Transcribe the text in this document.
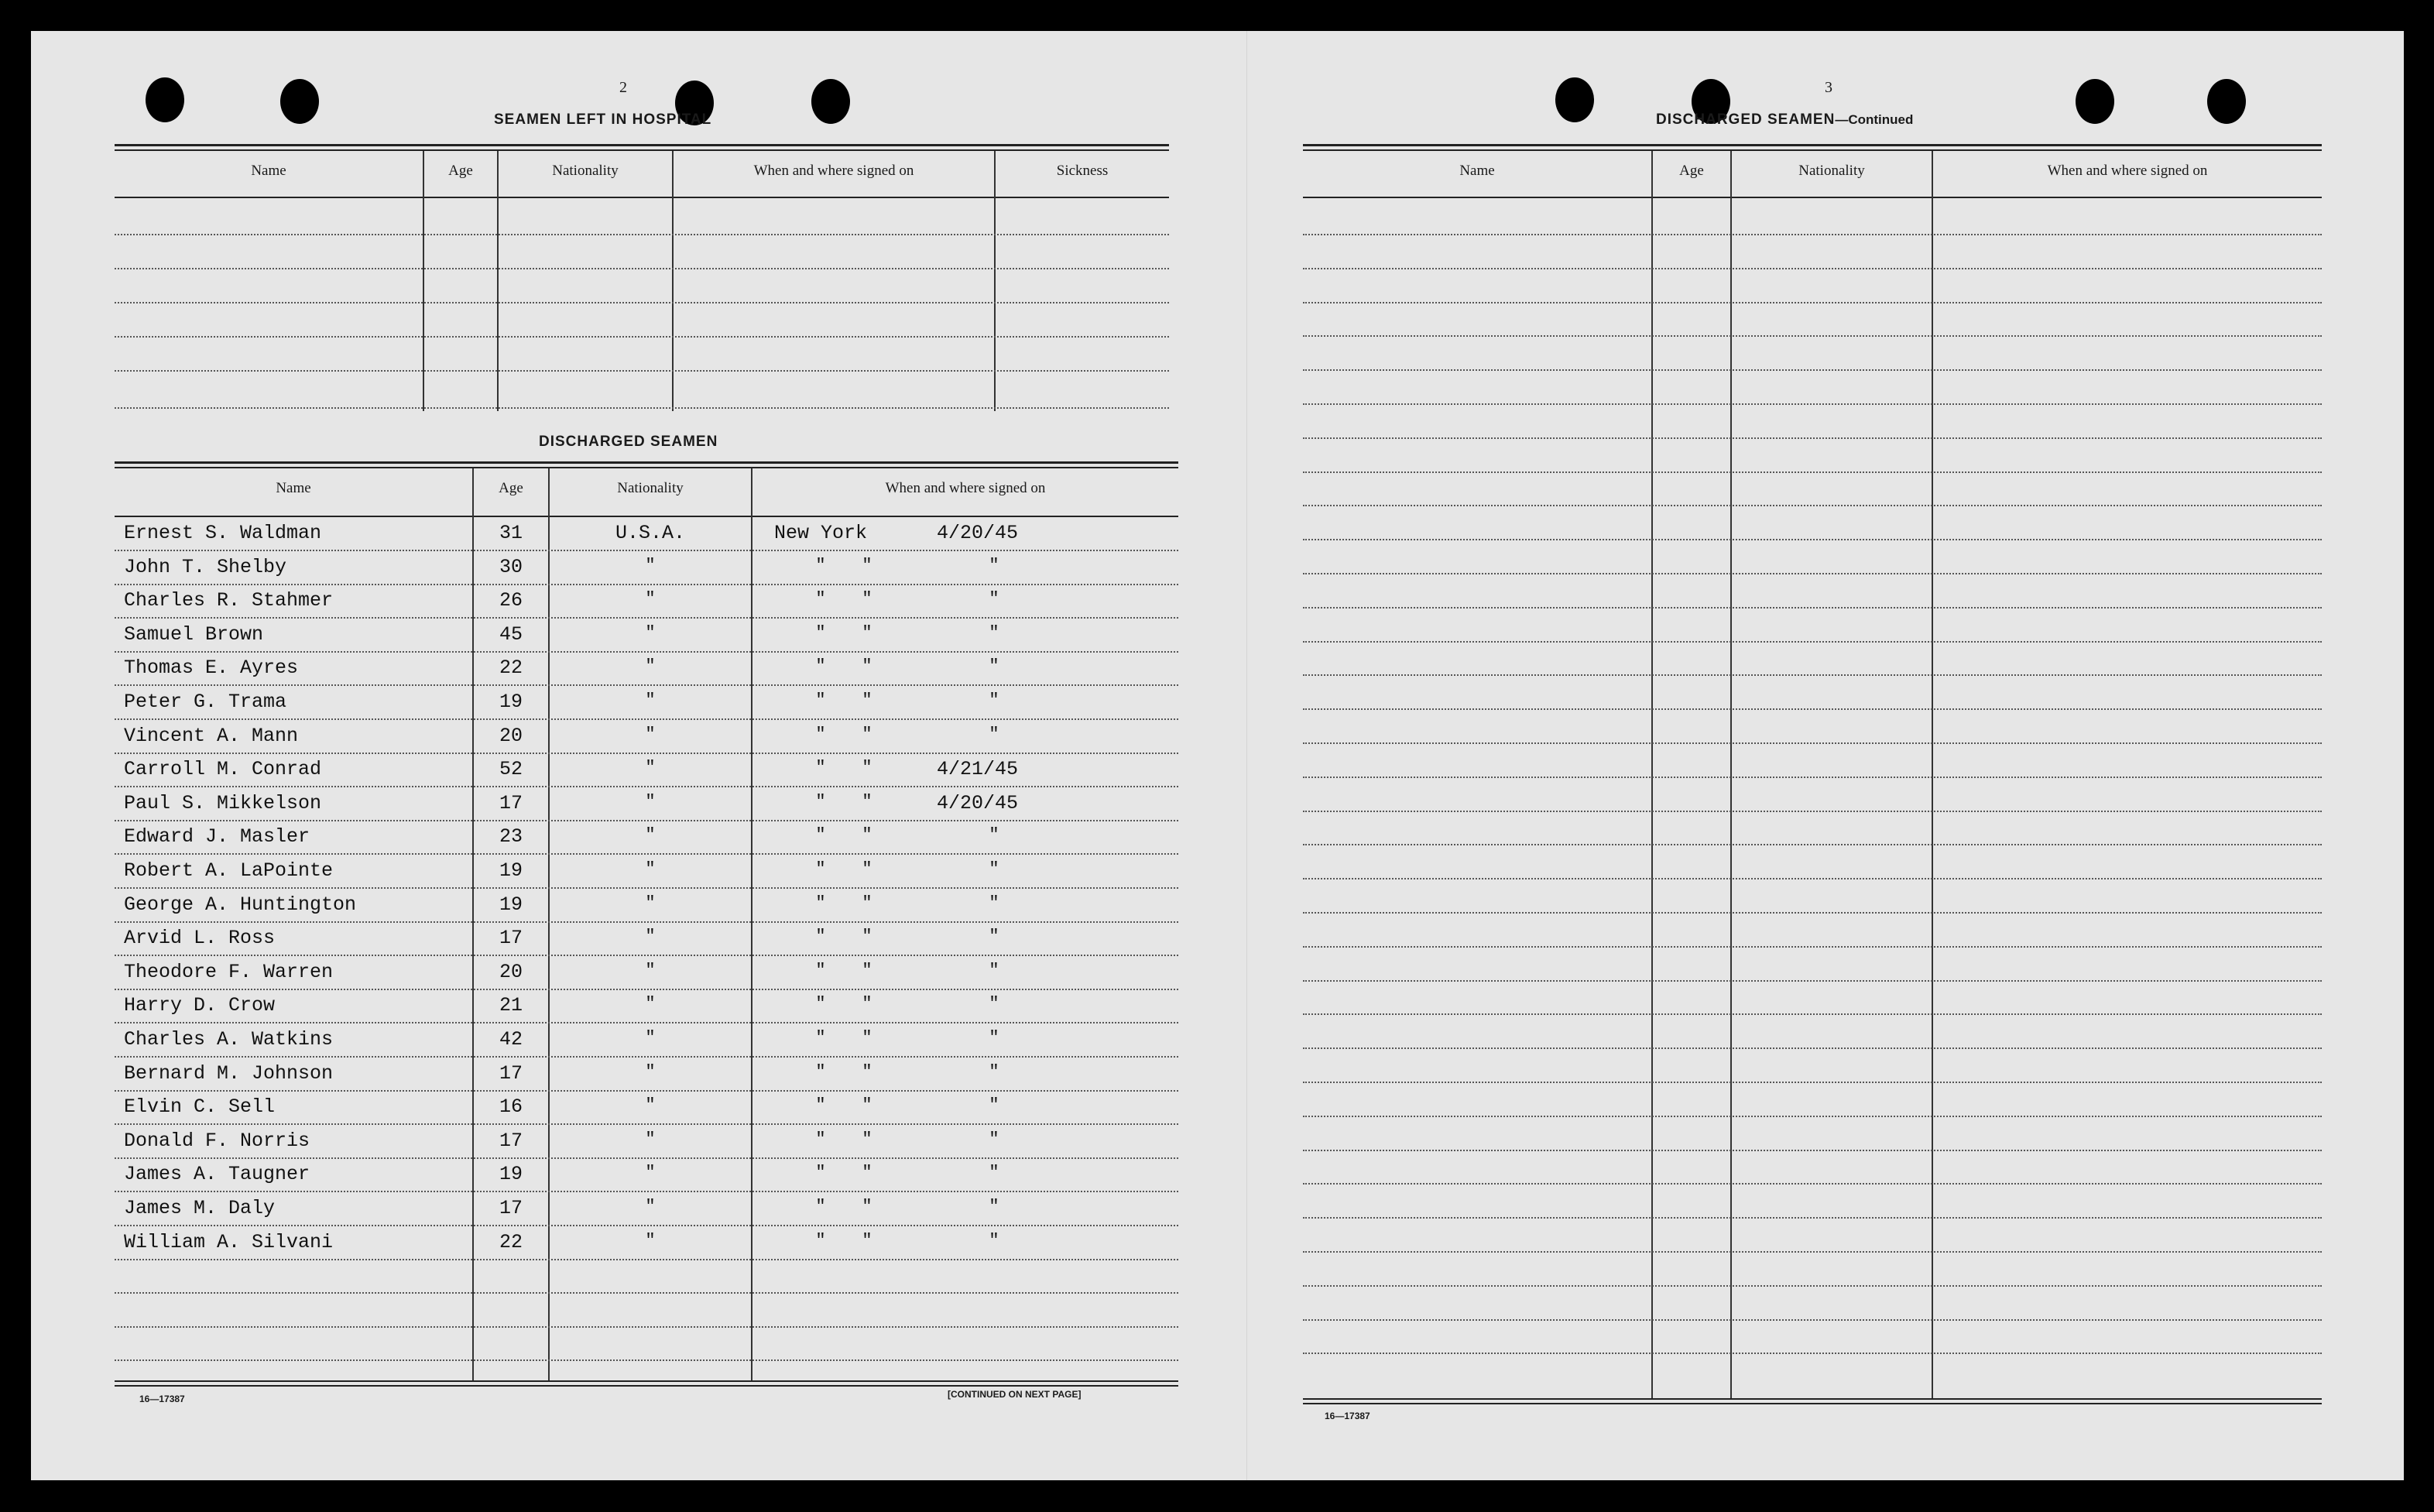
2
SEAMEN LEFT IN HOSPITAL
Name	Age	Nationality	When and where signed on	Sickness
DISCHARGED SEAMEN
Name	Age	Nationality	When and where signed on
Ernest S. Waldman	31	U.S.A.	New York	4/20/45
John T. Shelby	30	"	"	"	"
Charles R. Stahmer	26	"	"	"	"
Samuel Brown	45	"	"	"	"
Thomas E. Ayres	22	"	"	"	"
Peter G. Trama	19	"	"	"	"
Vincent A. Mann	20	"	"	"	"
Carroll M. Conrad	52	"	"	"	4/21/45
Paul S. Mikkelson	17	"	"	"	4/20/45
Edward J. Masler	23	"	"	"	"
Robert A. LaPointe	19	"	"	"	"
George A. Huntington	19	"	"	"	"
Arvid L. Ross	17	"	"	"	"
Theodore F. Warren	20	"	"	"	"
Harry D. Crow	21	"	"	"	"
Charles A. Watkins	42	"	"	"	"
Bernard M. Johnson	17	"	"	"	"
Elvin C. Sell	16	"	"	"	"
Donald F. Norris	17	"	"	"	"
James A. Taugner	19	"	"	"	"
James M. Daly	17	"	"	"	"
William A. Silvani	22	"	"	"	"
16—17387	[CONTINUED ON NEXT PAGE]
3
DISCHARGED SEAMEN—Continued
Name	Age	Nationality	When and where signed on
16—17387
